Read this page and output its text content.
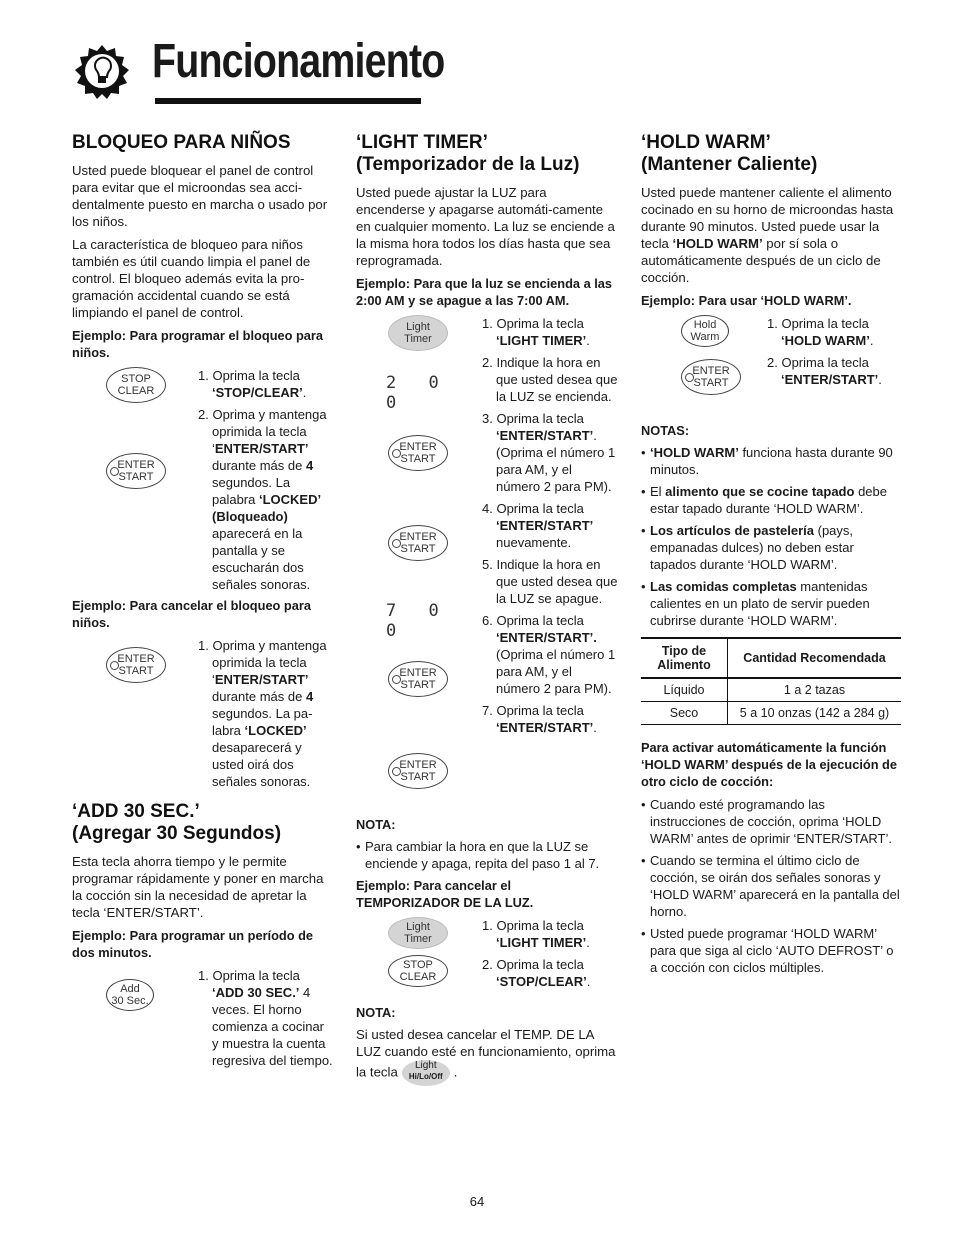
Funcionamiento
BLOQUEO PARA NIÑOS

Usted puede bloquear el panel de control para evitar que el microondas sea acci-dentalmente puesto en marcha o usado por los niños.

La característica de bloqueo para niños también es útil cuando limpia el panel de control. El bloqueo además evita la pro-gramación accidental cuando se está limpiando el panel de control.

Ejemplo: Para programar el bloqueo para niños.
STOP
CLEAR
ENTER
START
1. Oprima la tecla ‘STOP/CLEAR’.
2. Oprima y mantenga oprimida la tecla ‘ENTER/START’ durante más de 4 segundos. La palabra ‘LOCKED’ (Bloqueado) aparecerá en la pantalla y se escucharán dos señales sonoras.
Ejemplo: Para cancelar el bloqueo para niños.
ENTER
START
1. Oprima y mantenga oprimida la tecla ‘ENTER/START’ durante más de 4 segundos. La pa-labra ‘LOCKED’ desaparecerá y usted oirá dos señales sonoras.
‘ADD 30 SEC.’
(Agregar 30 Segundos)

Esta tecla ahorra tiempo y le permite programar rápidamente y poner en marcha la cocción sin la necesidad de apretar la tecla ‘ENTER/START’.

Ejemplo: Para programar un período de dos minutos.
Add
30 Sec.
1. Oprima la tecla ‘ADD 30 SEC.’ 4 veces. El horno comienza a cocinar y muestra la cuenta regresiva del tiempo.
‘LIGHT TIMER’
(Temporizador de la Luz)

Usted puede ajustar la LUZ para encenderse y apagarse automáti-camente en cualquier momento. La luz se enciende a la misma hora todos los días hasta que sea reprogramada.

Ejemplo: Para que la luz se encienda a las 2:00 AM y se apague a las 7:00 AM.
Light
Timer
2 0 0
ENTER
START
ENTER
START
7 0 0
ENTER
START
ENTER
START
1. Oprima la tecla ‘LIGHT TIMER’.
2. Indique la hora en que usted desea que la LUZ se encienda.
3. Oprima la tecla ‘ENTER/START’. (Oprima el número 1 para AM, y el número 2 para PM).
4. Oprima la tecla ‘ENTER/START’ nuevamente.
5. Indique la hora en que usted desea que la LUZ se apague.
6. Oprima la tecla ‘ENTER/START’. (Oprima el número 1 para AM, y el número 2 para PM).
7. Oprima la tecla ‘ENTER/START’.
NOTA:
• Para cambiar la hora en que la LUZ se enciende y apaga, repita del paso 1 al 7.
Ejemplo: Para cancelar el TEMPORIZADOR DE LA LUZ.
Light
Timer
STOP
CLEAR
1. Oprima la tecla ‘LIGHT TIMER’.
2. Oprima la tecla ‘STOP/CLEAR’.
NOTA:

Si usted desea cancelar el TEMP. DE LA LUZ cuando esté en funcionamiento, oprima la tecla Light
Hi/Lo/Off .

‘HOLD WARM’
(Mantener Caliente)

Usted puede mantener caliente el alimento cocinado en su horno de microondas hasta durante 90 minutos. Usted puede usar la tecla ‘HOLD WARM’ por sí sola o automáticamente después de un ciclo de cocción.

Ejemplo: Para usar ‘HOLD WARM’.
Hold
Warm
ENTER
START
1. Oprima la tecla ‘HOLD WARM’.
2. Oprima la tecla ‘ENTER/START’.
NOTAS:
• ‘HOLD WARM’ funciona hasta durante 90 minutos.
• El alimento que se cocine tapado debe estar tapado durante ‘HOLD WARM’.
• Los artículos de pastelería (pays, empanadas dulces) no deben estar tapados durante ‘HOLD WARM’.
• Las comidas completas mantenidas calientes en un plato de servir pueden cubrirse durante ‘HOLD WARM’.
Tipo de Alimento	Cantidad Recomendada
Líquido	1 a 2 tazas
Seco	5 a 10 onzas (142 a 284 g)
Para activar automáticamente la función ‘HOLD WARM’ después de la ejecución de otro ciclo de cocción:
• Cuando esté programando las instrucciones de cocción, oprima ‘HOLD WARM’ antes de oprimir ‘ENTER/START’.
• Cuando se termina el último ciclo de cocción, se oirán dos señales sonoras y ‘HOLD WARM’ aparecerá en la pantalla del horno.
• Usted puede programar ‘HOLD WARM’ para que siga al ciclo ‘AUTO DEFROST’ o a cocción con ciclos múltiples.
64
